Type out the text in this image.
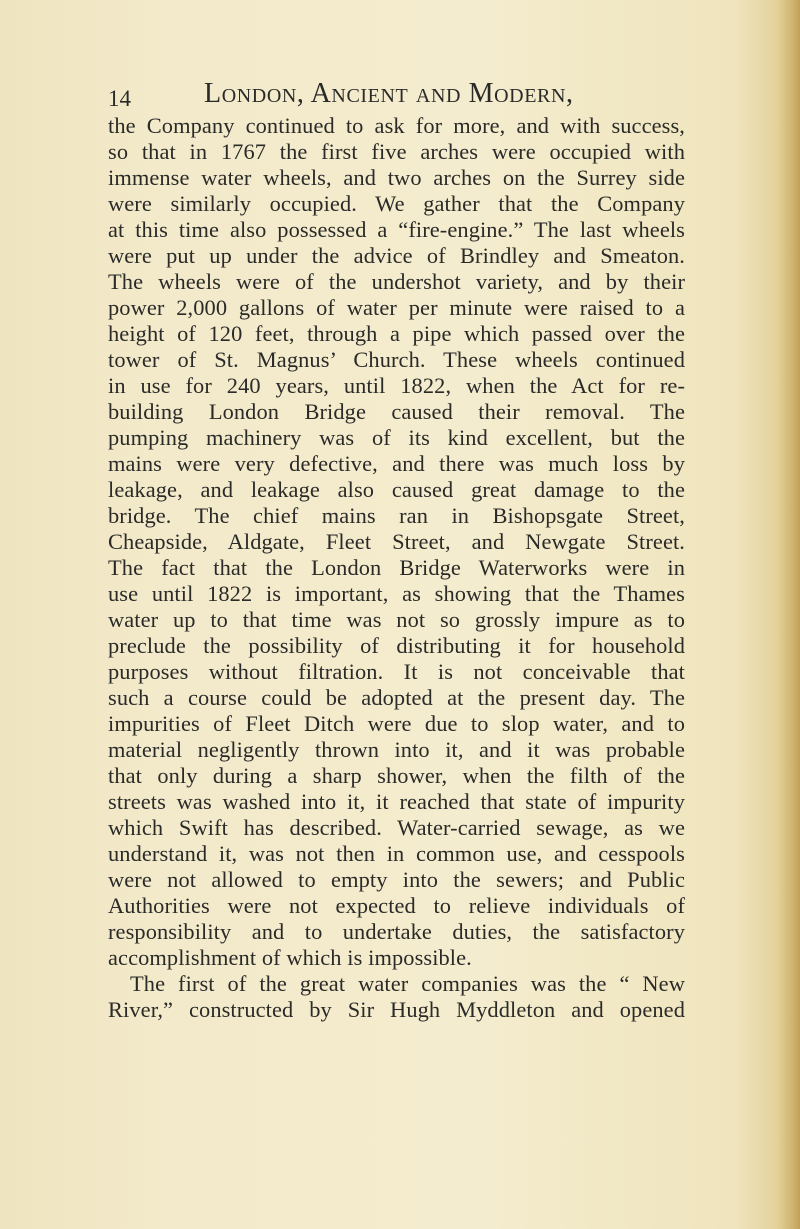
14	London, Ancient and Modern,
the Company continued to ask for more, and with success,
so that in 1767 the first five arches were occupied with
immense water wheels, and two arches on the Surrey side
were similarly occupied. We gather that the Company
at this time also possessed a “fire-engine.” The last wheels
were put up under the advice of Brindley and Smeaton.
The wheels were of the undershot variety, and by their
power 2,000 gallons of water per minute were raised to a
height of 120 feet, through a pipe which passed over the
tower of St. Magnus’ Church. These wheels continued
in use for 240 years, until 1822, when the Act for re-
building London Bridge caused their removal. The
pumping machinery was of its kind excellent, but the
mains were very defective, and there was much loss by
leakage, and leakage also caused great damage to the
bridge. The chief mains ran in Bishopsgate Street,
Cheapside, Aldgate, Fleet Street, and Newgate Street.
The fact that the London Bridge Waterworks were in
use until 1822 is important, as showing that the Thames
water up to that time was not so grossly impure as to
preclude the possibility of distributing it for household
purposes without filtration. It is not conceivable that
such a course could be adopted at the present day. The
impurities of Fleet Ditch were due to slop water, and to
material negligently thrown into it, and it was probable
that only during a sharp shower, when the filth of the
streets was washed into it, it reached that state of impurity
which Swift has described. Water-carried sewage, as we
understand it, was not then in common use, and cesspools
were not allowed to empty into the sewers; and Public
Authorities were not expected to relieve individuals of
responsibility and to undertake duties, the satisfactory
accomplishment of which is impossible.
The first of the great water companies was the “ New
River,” constructed by Sir Hugh Myddleton and opened
